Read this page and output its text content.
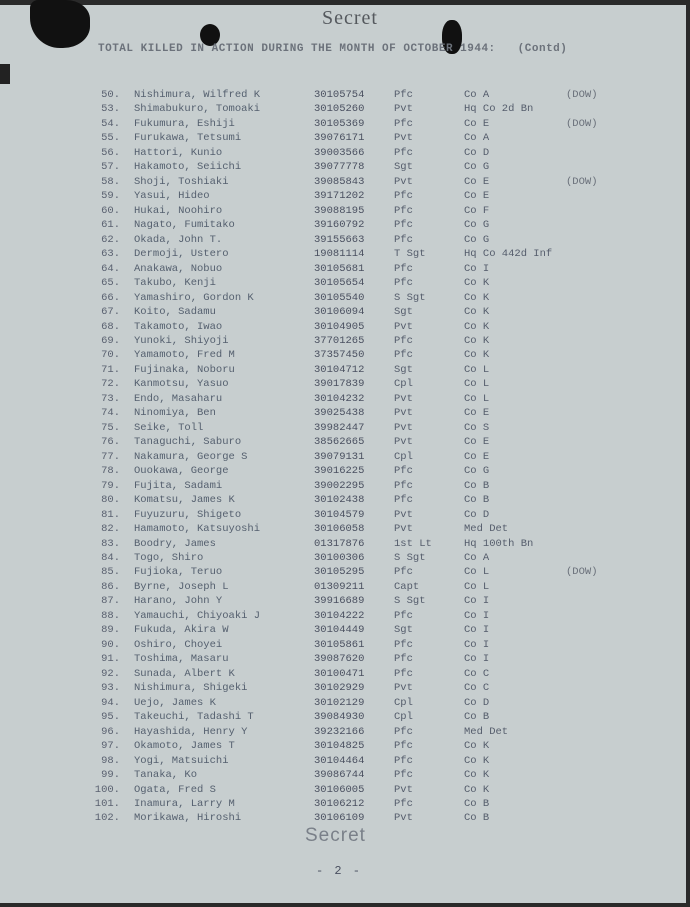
Secret
TOTAL KILLED IN ACTION DURING THE MONTH OF OCTOBER 1944: (Contd)
50. Nishimura, Wilfred K	30105754	Pfc	Co A	(DOW)
53. Shimabukuro, Tomoaki	30105260	Pvt	Hq Co 2d Bn
54. Fukumura, Eshiji	30105369	Pfc	Co E	(DOW)
55. Furukawa, Tetsumi	39076171	Pvt	Co A
56. Hattori, Kunio	39003566	Pfc	Co D
57. Hakamoto, Seiichi	39077778	Sgt	Co G
58. Shoji, Toshiaki	39085843	Pvt	Co E	(DOW)
59. Yasui, Hideo	39171202	Pfc	Co E
60. Hukai, Noohiro	39088195	Pfc	Co F
61. Nagato, Fumitako	39160792	Pfc	Co G
62. Okada, John T.	39155663	Pfc	Co G
63. Dermoji, Ustero	19081114	T Sgt	Hq Co 442d Inf
64. Anakawa, Nobuo	30105681	Pfc	Co I
65. Takubo, Kenji	30105654	Pfc	Co K
66. Yamashiro, Gordon K	30105540	S Sgt	Co K
67. Koito, Sadamu	30106094	Sgt	Co K
68. Takamoto, Iwao	30104905	Pvt	Co K
69. Yunoki, Shiyoji	37701265	Pfc	Co K
70. Yamamoto, Fred M	37357450	Pfc	Co K
71. Fujinaka, Noboru	30104712	Sgt	Co L
72. Kanmotsu, Yasuo	39017839	Cpl	Co L
73. Endo, Masaharu	30104232	Pvt	Co L
74. Ninomiya, Ben	39025438	Pvt	Co E
75. Seike, Toll	39982447	Pvt	Co S
76. Tanaguchi, Saburo	38562665	Pvt	Co E
77. Nakamura, George S	39079131	Cpl	Co E
78. Ouokawa, George	39016225	Pfc	Co G
79. Fujita, Sadami	39002295	Pfc	Co B
80. Komatsu, James K	30102438	Pfc	Co B
81. Fuyuzuru, Shigeto	30104579	Pvt	Co D
82. Hamamoto, Katsuyoshi	30106058	Pvt	Med Det
83. Boodry, James	01317876	1st Lt	Hq 100th Bn
84. Togo, Shiro	30100306	S Sgt	Co A
85. Fujioka, Teruo	30105295	Pfc	Co L	(DOW)
86. Byrne, Joseph L	01309211	Capt	Co L
87. Harano, John Y	39916689	S Sgt	Co I
88. Yamauchi, Chiyoaki J	30104222	Pfc	Co I
89. Fukuda, Akira W	30104449	Sgt	Co I
90. Oshiro, Choyei	30105861	Pfc	Co I
91. Toshima, Masaru	39087620	Pfc	Co I
92. Sunada, Albert K	30100471	Pfc	Co C
93. Nishimura, Shigeki	30102929	Pvt	Co C
94. Uejo, James K	30102129	Cpl	Co D
95. Takeuchi, Tadashi T	39084930	Cpl	Co B
96. Hayashida, Henry Y	39232166	Pfc	Med Det
97. Okamoto, James T	30104825	Pfc	Co K
98. Yogi, Matsuichi	30104464	Pfc	Co K
99. Tanaka, Ko	39086744	Pfc	Co K
100. Ogata, Fred S	30106005	Pvt	Co K
101. Inamura, Larry M	30106212	Pfc	Co B
102. Morikawa, Hiroshi	30106109	Pvt	Co B
Secret
- 2 -
